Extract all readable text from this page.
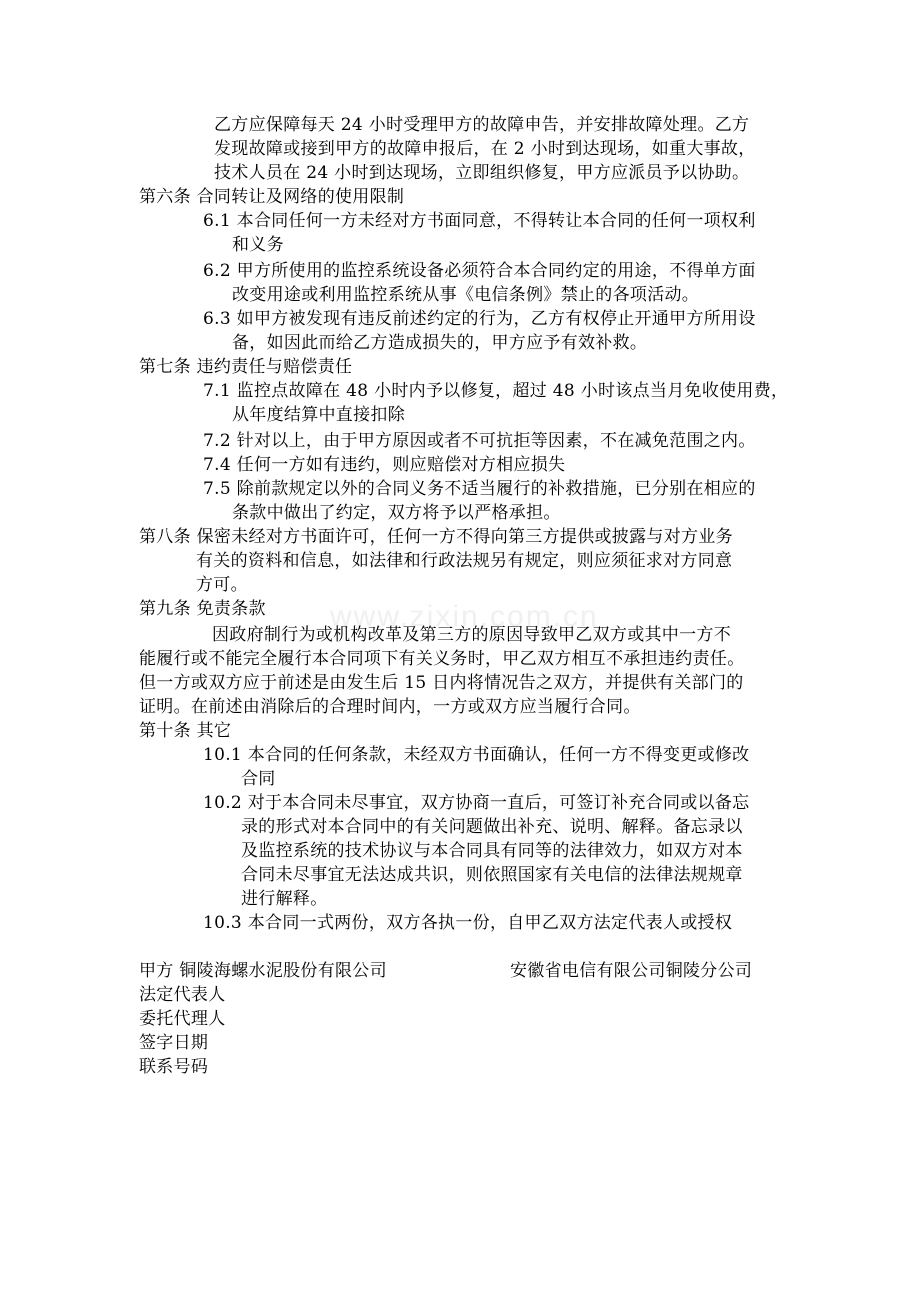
www.zixin.com.cn
乙方应保障每天 24 小时受理甲方的故障申告，并安排故障处理。乙方
发现故障或接到甲方的故障申报后，在 2 小时到达现场，如重大事故，
技术人员在 24 小时到达现场，立即组织修复，甲方应派员予以协助。
第六条 合同转让及网络的使用限制
6.1 本合同任何一方未经对方书面同意，不得转让本合同的任何一项权利
和义务
6.2 甲方所使用的监控系统设备必须符合本合同约定的用途，不得单方面
改变用途或利用监控系统从事《电信条例》禁止的各项活动。
6.3 如甲方被发现有违反前述约定的行为，乙方有权停止开通甲方所用设
备，如因此而给乙方造成损失的，甲方应予有效补救。
第七条 违约责任与赔偿责任
7.1 监控点故障在 48 小时内予以修复，超过 48 小时该点当月免收使用费，
从年度结算中直接扣除
7.2 针对以上，由于甲方原因或者不可抗拒等因素，不在减免范围之内。
7.4 任何一方如有违约，则应赔偿对方相应损失
7.5 除前款规定以外的合同义务不适当履行的补救措施，已分别在相应的
条款中做出了约定，双方将予以严格承担。
第八条 保密未经对方书面许可，任何一方不得向第三方提供或披露与对方业务
有关的资料和信息，如法律和行政法规另有规定，则应须征求对方同意
方可。
第九条 免责条款
因政府制行为或机构改革及第三方的原因导致甲乙双方或其中一方不
能履行或不能完全履行本合同项下有关义务时，甲乙双方相互不承担违约责任。
但一方或双方应于前述是由发生后 15 日内将情况告之双方，并提供有关部门的
证明。在前述由消除后的合理时间内，一方或双方应当履行合同。
第十条 其它
10.1 本合同的任何条款，未经双方书面确认，任何一方不得变更或修改
合同
10.2 对于本合同未尽事宜，双方协商一直后，可签订补充合同或以备忘
录的形式对本合同中的有关问题做出补充、说明、解释。备忘录以
及监控系统的技术协议与本合同具有同等的法律效力，如双方对本
合同未尽事宜无法达成共识，则依照国家有关电信的法律法规规章
进行解释。
10.3 本合同一式两份，双方各执一份，自甲乙双方法定代表人或授权
甲方 铜陵海螺水泥股份有限公司	安徽省电信有限公司铜陵分公司
法定代表人
委托代理人
签字日期
联系号码
